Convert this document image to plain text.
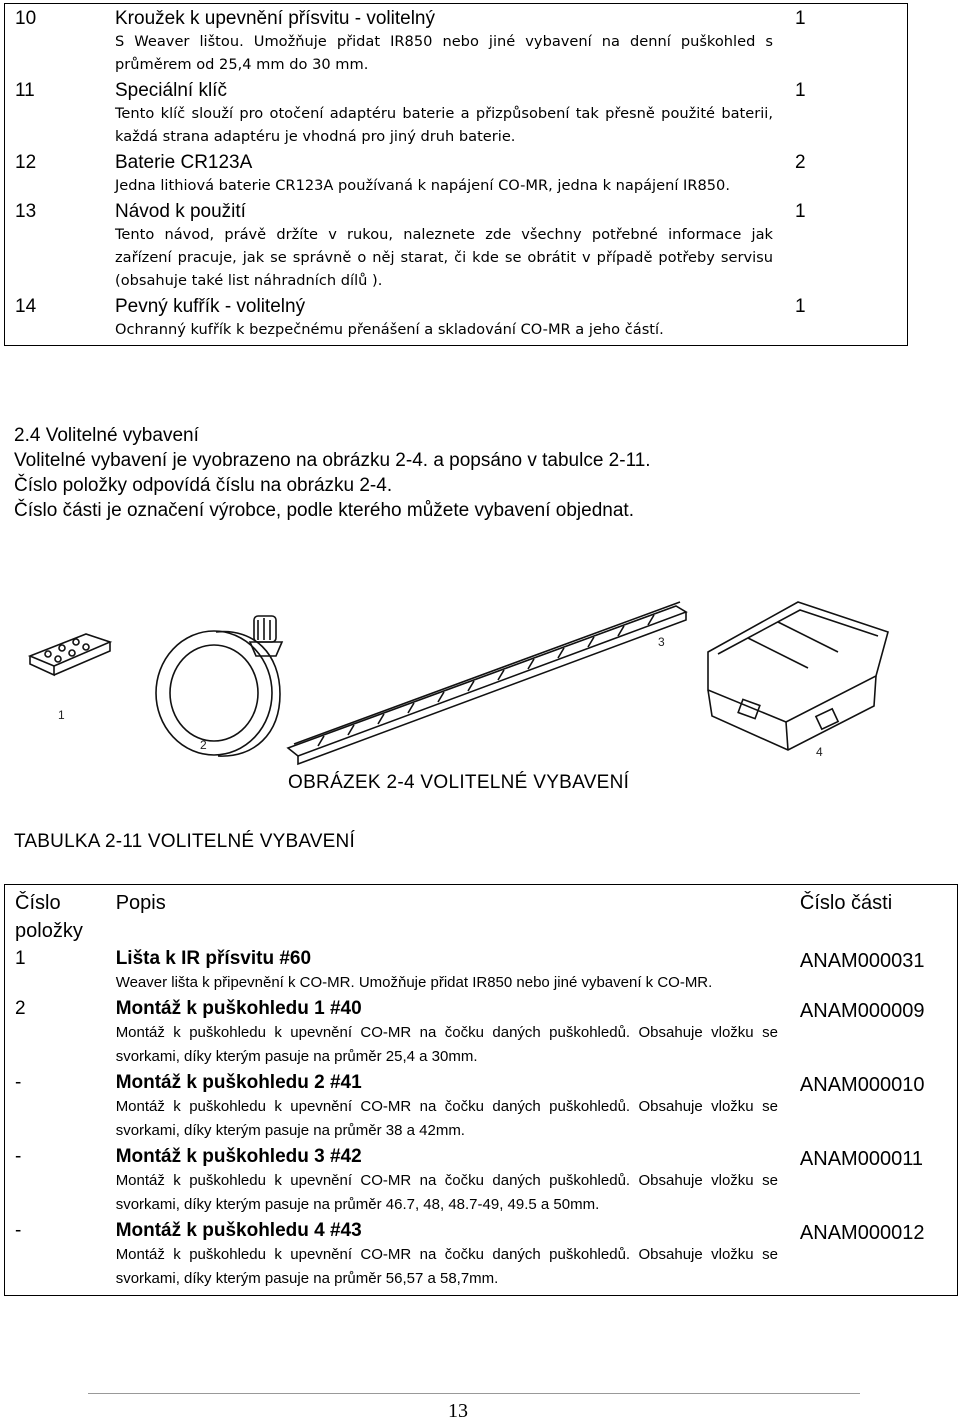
10	Kroužek k upevnění přísvitu - volitelný
S Weaver lištou. Umožňuje přidat IR850 nebo jiné vybavení na denní puškohled s průměrem od 25,4 mm do 30 mm.	1

11	Speciální klíč
Tento klíč slouží pro otočení adaptéru baterie a přizpůsobení tak přesně použité baterii, každá strana adaptéru je vhodná pro jiný druh baterie.	1

12	Baterie CR123A
Jedna lithiová baterie CR123A používaná k napájení CO-MR, jedna k napájení IR850.	2

13	Návod k použití
Tento návod, právě držíte v rukou, naleznete zde všechny potřebné informace jak zařízení pracuje, jak se správně o něj starat, či kde se obrátit v případě potřeby servisu (obsahuje také list náhradních dílů ).	1

14	Pevný kufřík - volitelný
Ochranný kufřík k bezpečnému přenášení a skladování CO-MR a jeho částí.	1

2.4 Volitelné vybavení

Volitelné vybavení je vyobrazeno na obrázku 2-4. a popsáno v tabulce 2-11.

Číslo položky odpovídá číslu na obrázku 2-4.

Číslo části je označení výrobce, podle kterého můžete vybavení objednat.

1
2
3
4
OBRÁZEK 2-4 VOLITELNÉ VYBAVENÍ
TABULKA 2-11 VOLITELNÉ VYBAVENÍ
Číslo položky	Popis	Číslo části

1	Lišta k IR přísvitu #60
Weaver lišta k připevnění k CO-MR. Umožňuje přidat IR850 nebo jiné vybavení k CO-MR.	ANAM000031

2	Montáž k puškohledu 1 #40
Montáž k puškohledu k upevnění CO-MR na čočku daných puškohledů. Obsahuje vložku se svorkami, díky kterým pasuje na průměr 25,4 a 30mm.	ANAM000009

-	Montáž k puškohledu 2 #41
Montáž k puškohledu k upevnění CO-MR na čočku daných puškohledů. Obsahuje vložku se svorkami, díky kterým pasuje na průměr 38 a 42mm.	ANAM000010

-	Montáž k puškohledu 3 #42
Montáž k puškohledu k upevnění CO-MR na čočku daných puškohledů. Obsahuje vložku se svorkami, díky kterým pasuje na průměr 46.7, 48, 48.7-49, 49.5 a 50mm.	ANAM000011

-	Montáž k puškohledu 4 #43
Montáž k puškohledu k upevnění CO-MR na čočku daných puškohledů. Obsahuje vložku se svorkami, díky kterým pasuje na průměr 56,57 a 58,7mm.	ANAM000012
13
